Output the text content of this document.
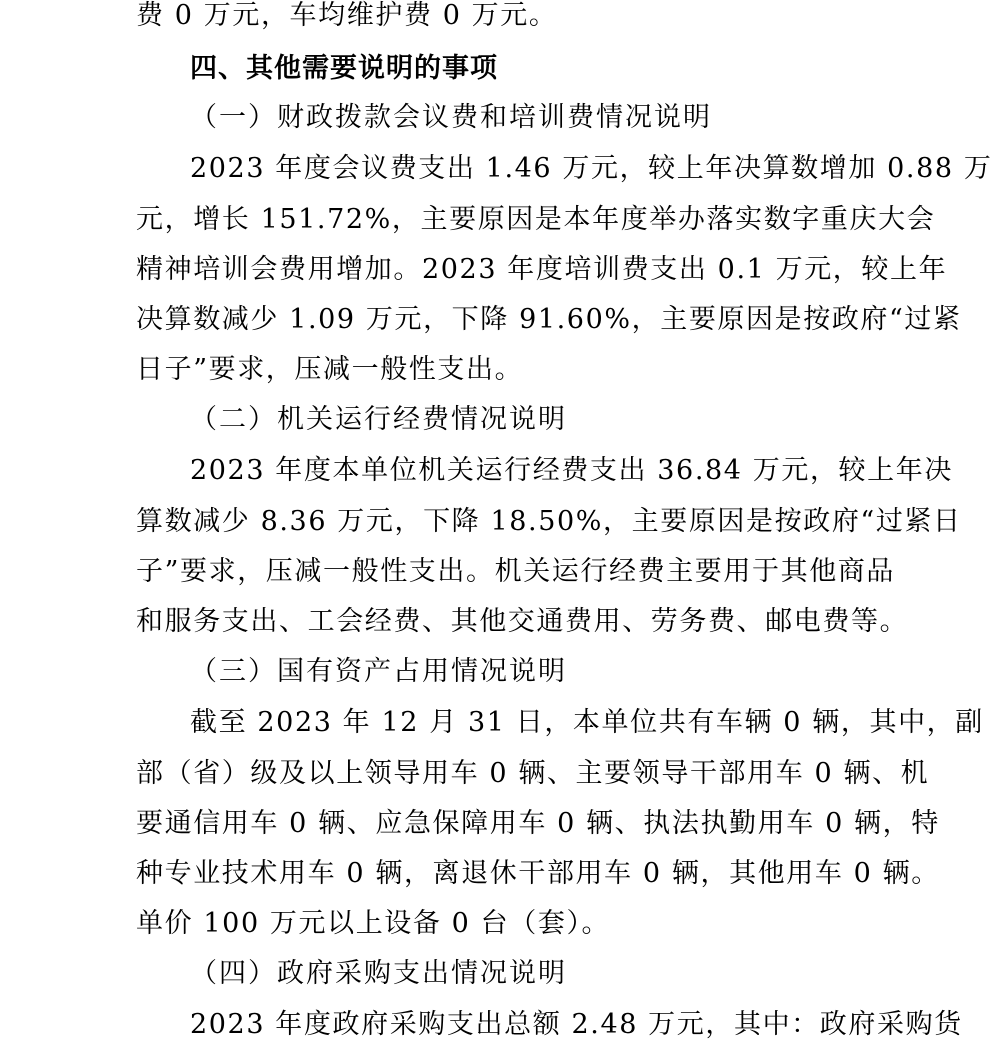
费 0 万元，车均维护费 0 万元。
四、其他需要说明的事项
（一）财政拨款会议费和培训费情况说明
2023 年度会议费支出 1.46 万元，较上年决算数增加 0.88 万
元，增长 151.72%，主要原因是本年度举办落实数字重庆大会
精神培训会费用增加。2023 年度培训费支出 0.1 万元，较上年
决算数减少 1.09 万元，下降 91.60%，主要原因是按政府“过紧
日子”要求，压减一般性支出。
（二）机关运行经费情况说明
2023 年度本单位机关运行经费支出 36.84 万元，较上年决
算数减少 8.36 万元，下降 18.50%，主要原因是按政府“过紧日
子”要求，压减一般性支出。机关运行经费主要用于其他商品
和服务支出、工会经费、其他交通费用、劳务费、邮电费等。
（三）国有资产占用情况说明
截至 2023 年 12 月 31 日，本单位共有车辆 0 辆，其中，副
部（省）级及以上领导用车 0 辆、主要领导干部用车 0 辆、机
要通信用车 0 辆、应急保障用车 0 辆、执法执勤用车 0 辆，特
种专业技术用车 0 辆，离退休干部用车 0 辆，其他用车 0 辆。
单价 100 万元以上设备 0 台（套）。
（四）政府采购支出情况说明
2023 年度政府采购支出总额 2.48 万元，其中：政府采购货
